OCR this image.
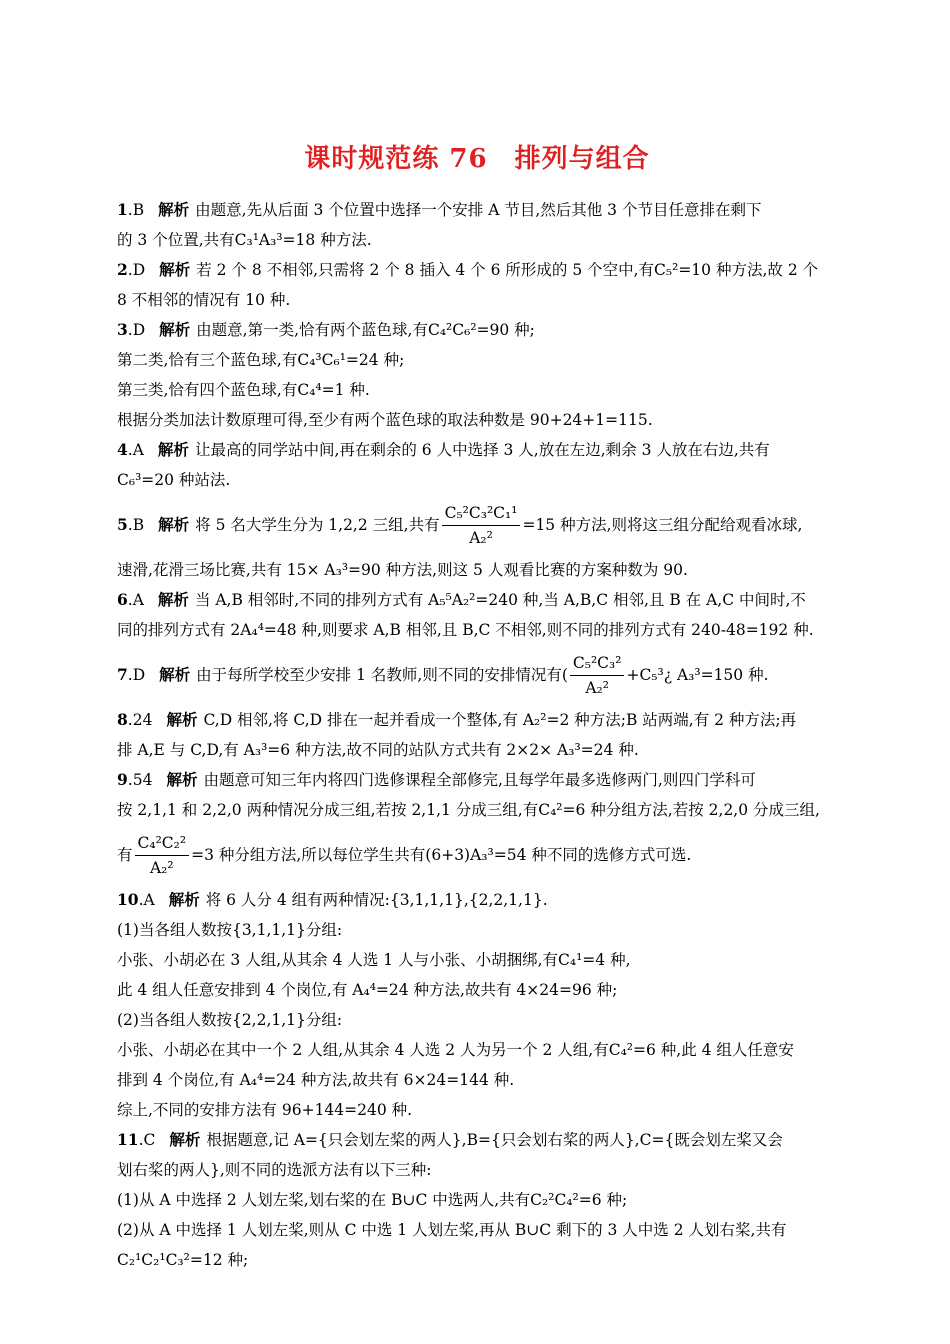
课时规范练 76　排列与组合
1.B 解析 由题意,先从后面 3 个位置中选择一个安排 A 节目,然后其他 3 个节目任意排在剩下
的 3 个位置,共有C₃¹A₃³=18 种方法.
2.D 解析 若 2 个 8 不相邻,只需将 2 个 8 插入 4 个 6 所形成的 5 个空中,有C₅²=10 种方法,故 2 个
8 不相邻的情况有 10 种.
3.D 解析 由题意,第一类,恰有两个蓝色球,有C₄²C₆²=90 种;
第二类,恰有三个蓝色球,有C₄³C₆¹=24 种;
第三类,恰有四个蓝色球,有C₄⁴=1 种.
根据分类加法计数原理可得,至少有两个蓝色球的取法种数是 90+24+1=115.
4.A 解析 让最高的同学站中间,再在剩余的 6 人中选择 3 人,放在左边,剩余 3 人放在右边,共有
C₆³=20 种站法.
5 .B 解析 将 5 名大学生分为 1,2,2 三组,共有 $\frac{\text{C₅²C₃²C₁¹}}{\text{A₂²}} =15$ 种方法,则将这三组分配给观看冰球,
速滑,花滑三场比赛,共有 15× A₃³=90 种方法,则这 5 人观看比赛的方案种数为 90.
6.A 解析 当 A,B 相邻时,不同的排列方式有 A₅⁵A₂²=240 种,当 A,B,C 相邻,且 B 在 A,C 中间时,不
同的排列方式有 2A₄⁴=48 种,则要求 A,B 相邻,且 B,C 不相邻,则不同的排列方式有 240-48=192 种.
7 .D 解析 由于每所学校至少安排 1 名教师,则不同的安排情况有( $\frac{\text{C₅²C₃²}}{\text{A₂²}}$ +C₅³¿ A₃³=150 种.
8.24 解析 C,D 相邻,将 C,D 排在一起并看成一个整体,有 A₂²=2 种方法;B 站两端,有 2 种方法;再
排 A,E 与 C,D,有 A₃³=6 种方法,故不同的站队方式共有 2×2× A₃³=24 种.
9.54 解析 由题意可知三年内将四门选修课程全部修完,且每学年最多选修两门,则四门学科可
按 2,1,1 和 2,2,0 两种情况分成三组,若按 2,1,1 分成三组,有C₄²=6 种分组方法,若按 2,2,0 分成三组,
有 $\frac{\text{C₄²C₂²}}{\text{A₂²}} =3$ 种分组方法,所以每位学生共有(6+3)A₃³=54 种不同的选修方式可选.
10.A 解析 将 6 人分 4 组有两种情况:{3,1,1,1},{2,2,1,1}.
(1)当各组人数按{3,1,1,1}分组:
小张、小胡必在 3 人组,从其余 4 人选 1 人与小张、小胡捆绑,有C₄¹=4 种,
此 4 组人任意安排到 4 个岗位,有 A₄⁴=24 种方法,故共有 4×24=96 种;
(2)当各组人数按{2,2,1,1}分组:
小张、小胡必在其中一个 2 人组,从其余 4 人选 2 人为另一个 2 人组,有C₄²=6 种,此 4 组人任意安
排到 4 个岗位,有 A₄⁴=24 种方法,故共有 6×24=144 种.
综上,不同的安排方法有 96+144=240 种.
11.C 解析 根据题意,记 A={只会划左桨的两人},B={只会划右桨的两人},C={既会划左桨又会
划右桨的两人},则不同的选派方法有以下三种:
(1)从 A 中选择 2 人划左桨,划右桨的在 B∪C 中选两人,共有C₂²C₄²=6 种;
(2)从 A 中选择 1 人划左桨,则从 C 中选 1 人划左桨,再从 B∪C 剩下的 3 人中选 2 人划右桨,共有
C₂¹C₂¹C₃²=12 种;
